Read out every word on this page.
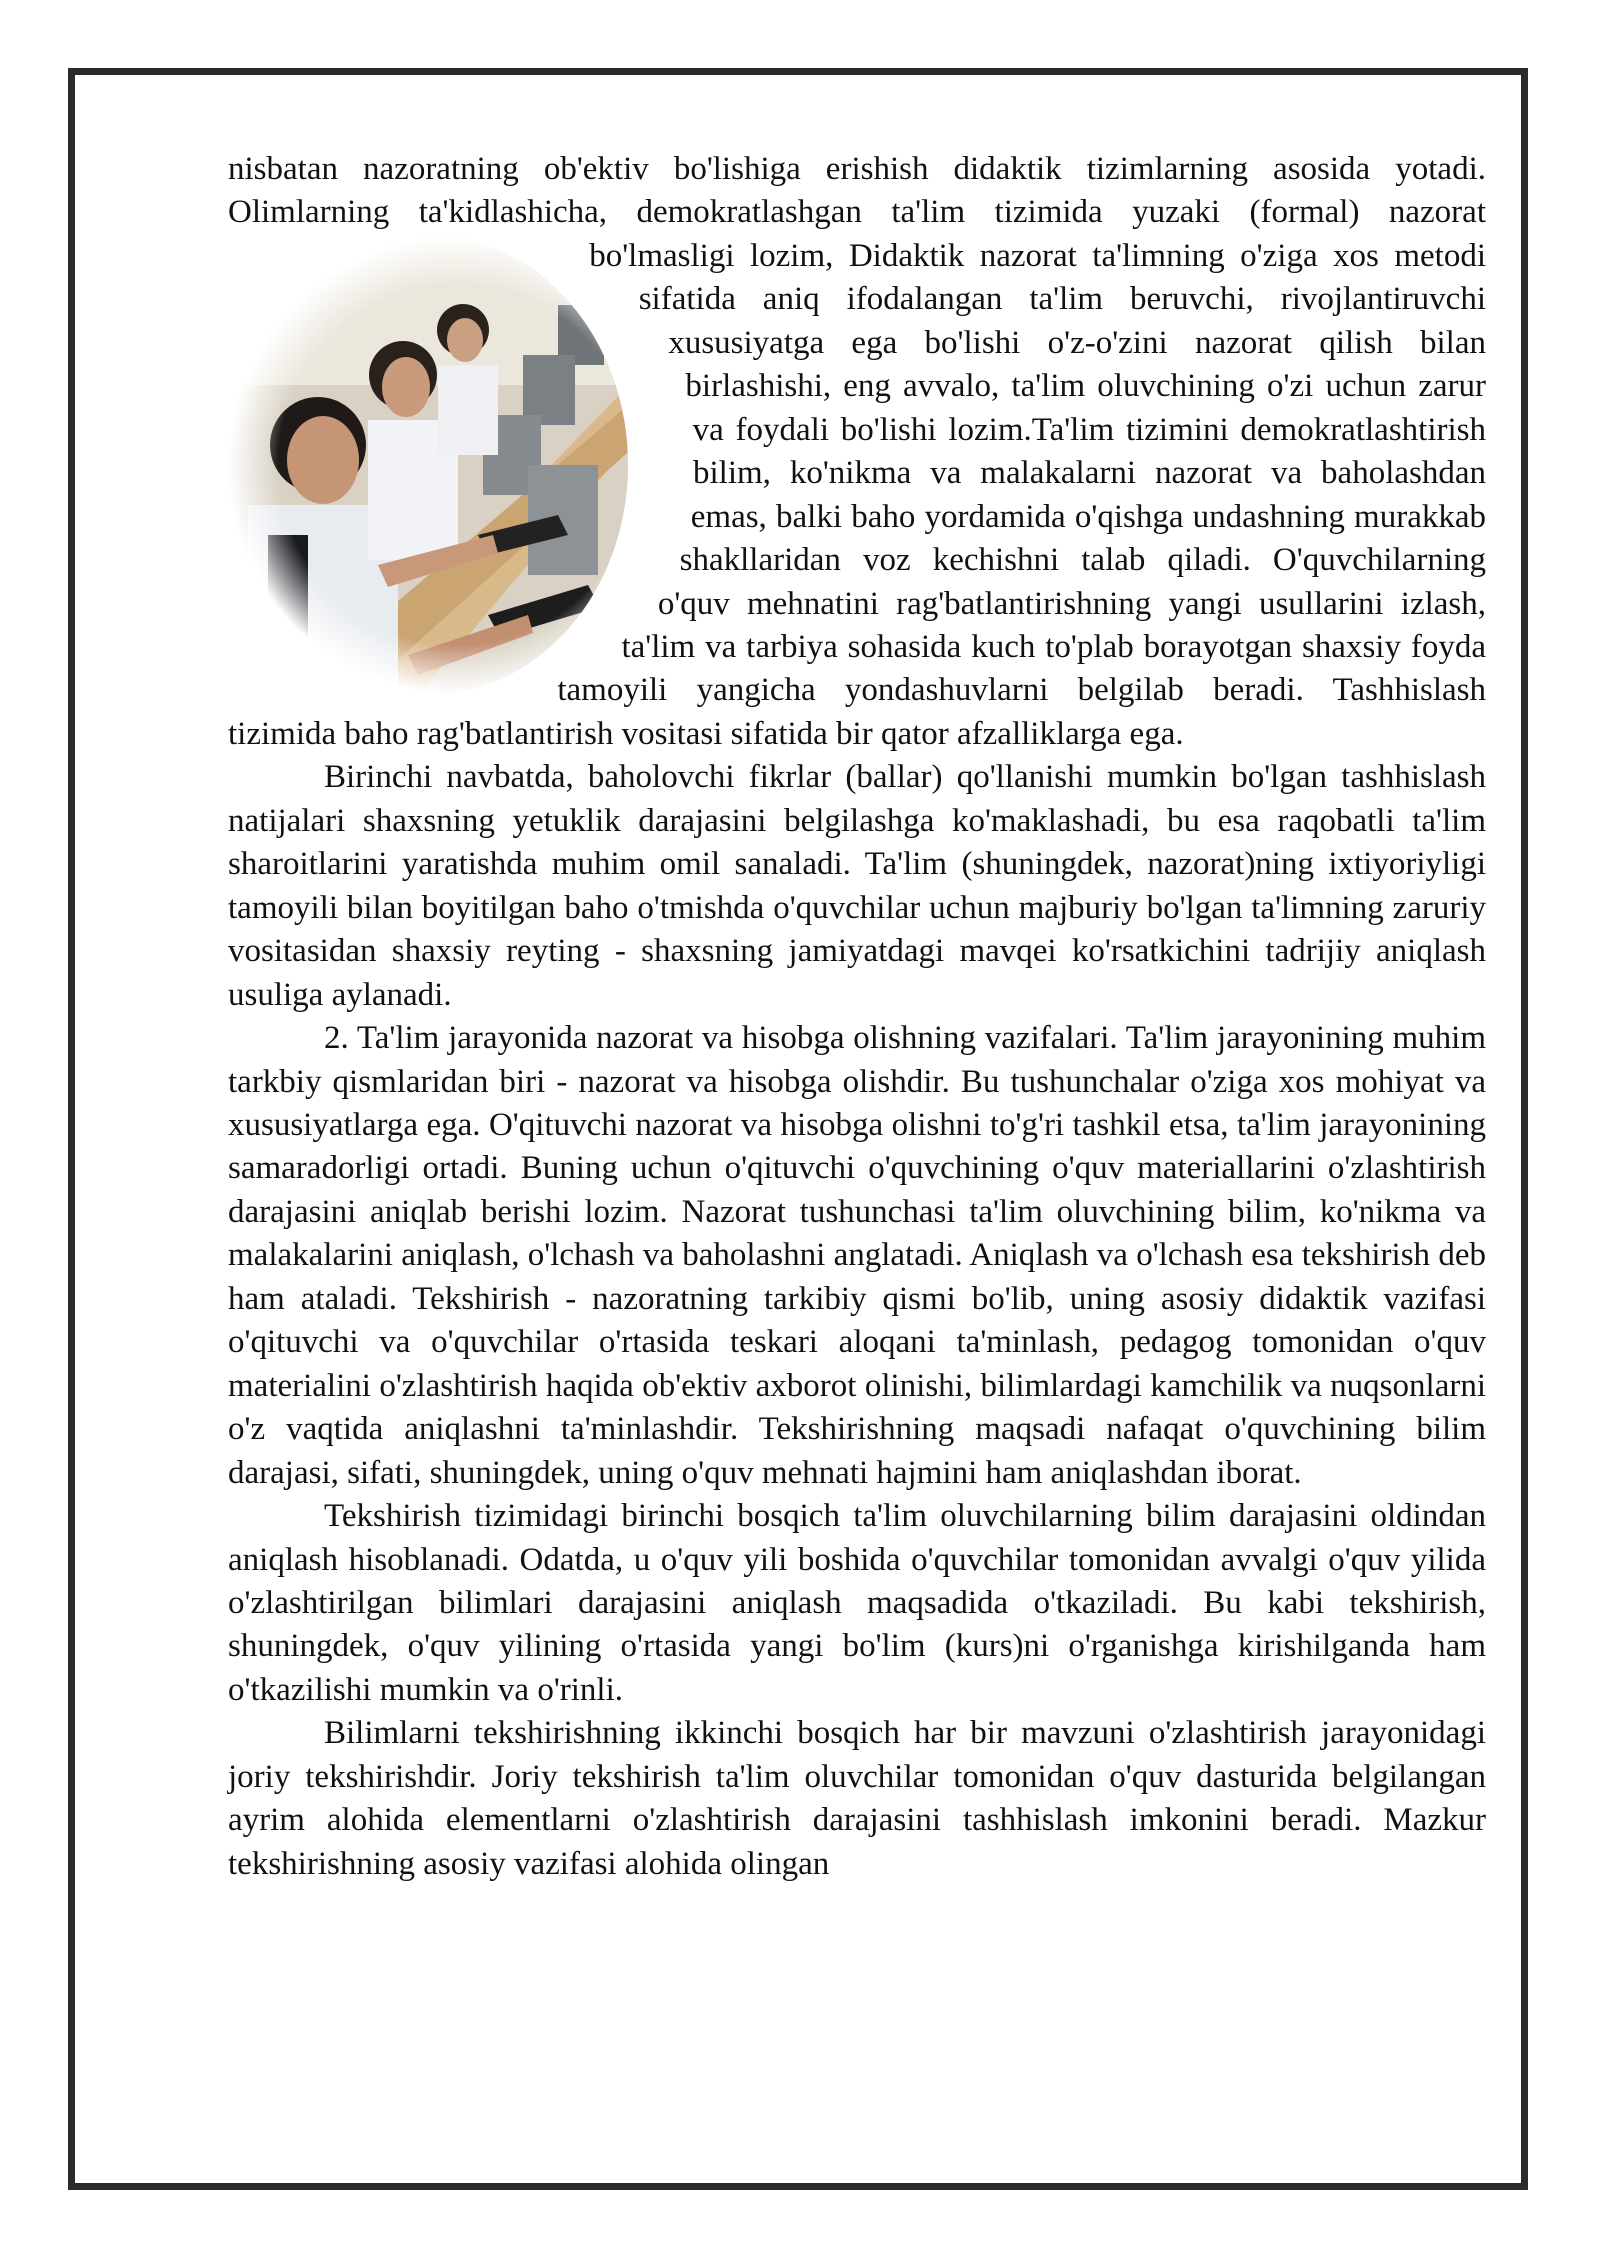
nisbatan nazoratning ob'ektiv bo'lishiga erishish didaktik tizimlarning asosida yotadi. Olimlarning ta'kidlashicha, demokratlashgan ta'lim tizimida yuzaki
(formal) nazorat bo'lmasligi lozim, Didaktik nazorat ta'limning o'ziga xos metodi sifatida aniq ifodalangan ta'lim beruvchi, rivojlantiruvchi xususiyatga ega bo'lishi o'z-o'zini nazorat qilish bilan birlashishi, eng avvalo, ta'lim oluvchining o'zi uchun zarur va foydali bo'lishi lozim.Ta'lim tizimini demokratlashtirish bilim, ko'nikma va malakalarni nazorat va baholashdan emas, balki baho yordamida o'qishga undashning murakkab shakllaridan voz kechishni talab qiladi. O'quvchilarning o'quv mehnatini rag'batlantirishning yangi usullarini izlash, ta'lim va tarbiya sohasida kuch to'plab borayotgan shaxsiy foyda tamoyili yangicha yondashuvlarni belgilab beradi. Tashhislash tizimida baho rag'batlantirish vositasi sifatida bir qator afzalliklarga ega.

Birinchi navbatda, baholovchi fikrlar (ballar) qo'llanishi mumkin bo'lgan tashhislash natijalari shaxsning yetuklik darajasini belgilashga ko'maklashadi, bu esa raqobatli ta'lim sharoitlarini yaratishda muhim omil sanaladi. Ta'lim (shuningdek, nazorat)ning ixtiyoriyligi tamoyili bilan boyitilgan baho o'tmishda o'quvchilar uchun majburiy bo'lgan ta'limning zaruriy vositasidan shaxsiy reyting - shaxsning jamiyatdagi mavqei ko'rsatkichini tadrijiy aniqlash usuliga aylanadi.

2. Ta'lim jarayonida nazorat va hisobga olishning vazifalari. Ta'lim jarayonining muhim tarkbiy qismlaridan biri - nazorat va hisobga olishdir. Bu tushunchalar o'ziga xos mohiyat va xususiyatlarga ega. O'qituvchi nazorat va hisobga olishni to'g'ri tashkil etsa, ta'lim jarayonining samaradorligi ortadi. Buning uchun o'qituvchi o'quvchining o'quv materiallarini o'zlashtirish darajasini aniqlab berishi lozim. Nazorat tushunchasi ta'lim oluvchining bilim, ko'nikma va malakalarini aniqlash, o'lchash va baholashni anglatadi. Aniqlash va o'lchash esa tekshirish deb ham ataladi. Tekshirish - nazoratning tarkibiy qismi bo'lib, uning asosiy didaktik vazifasi o'qituvchi va o'quvchilar o'rtasida teskari aloqani ta'minlash, pedagog tomonidan o'quv materialini o'zlashtirish haqida ob'ektiv axborot olinishi, bilimlardagi kamchilik va nuqsonlarni o'z vaqtida aniqlashni ta'minlashdir. Tekshirishning maqsadi nafaqat o'quvchining bilim darajasi, sifati, shuningdek, uning o'quv mehnati hajmini ham aniqlashdan iborat.

Tekshirish tizimidagi birinchi bosqich ta'lim oluvchilarning bilim darajasini oldindan aniqlash hisoblanadi. Odatda, u o'quv yili boshida o'quvchilar tomonidan avvalgi o'quv yilida o'zlashtirilgan bilimlari darajasini aniqlash maqsadida o'tkaziladi. Bu kabi tekshirish, shuningdek, o'quv yilining o'rtasida yangi bo'lim (kurs)ni o'rganishga kirishilganda ham o'tkazilishi mumkin va o'rinli.

Bilimlarni tekshirishning ikkinchi bosqich har bir mavzuni o'zlashtirish jarayonidagi joriy tekshirishdir. Joriy tekshirish ta'lim oluvchilar tomonidan o'quv dasturida belgilangan ayrim alohida elementlarni o'zlashtirish darajasini tashhislash imkonini beradi. Mazkur tekshirishning asosiy vazifasi alohida olingan
